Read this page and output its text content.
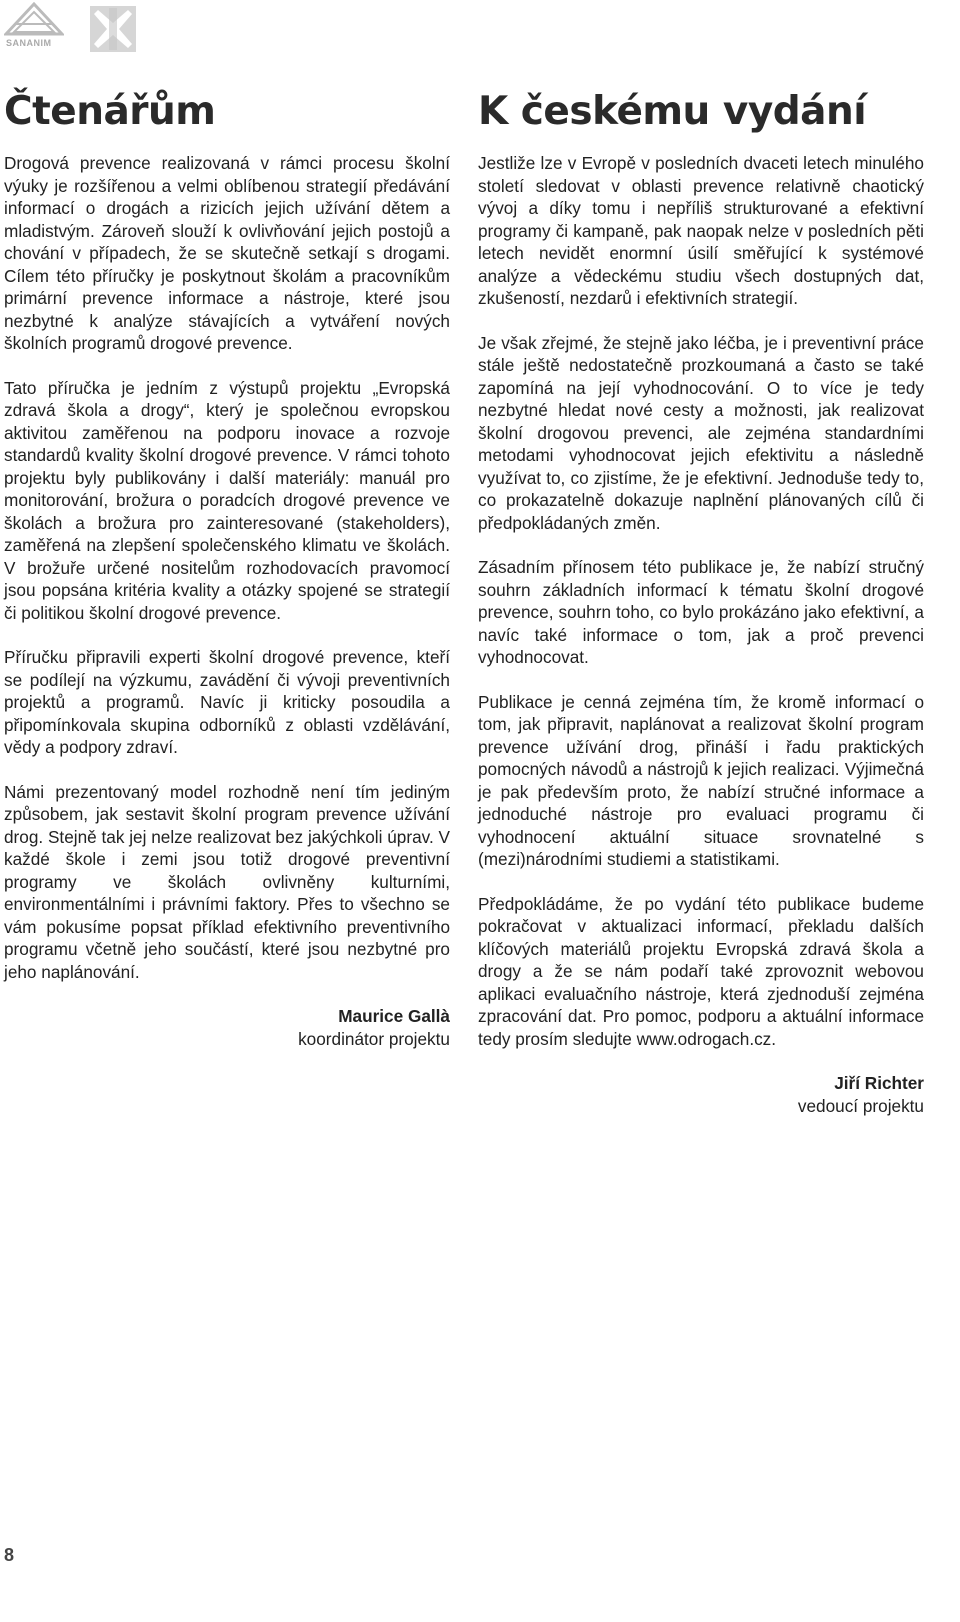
SANANIM
Čtenářům

Drogová prevence realizovaná v rámci procesu školní výuky je rozšířenou a velmi oblíbenou strategií předávání informací o drogách a rizicích jejich užívání dětem a mladistvým. Zároveň slouží k ovlivňování jejich postojů a chování v případech, že se skutečně setkají s drogami. Cílem této příručky je poskytnout školám a pracovníkům primární prevence informace a nástroje, které jsou nezbytné k analýze stávajících a vytváření nových školních programů drogové prevence.

Tato příručka je jedním z výstupů projektu „Evropská zdravá škola a drogy“, který je společnou evropskou aktivitou zaměřenou na podporu inovace a rozvoje standardů kvality školní drogové prevence. V rámci tohoto projektu byly publikovány i další materiály: manuál pro monitorování, brožura o poradcích drogové prevence ve školách a brožura pro zainteresované (stakeholders), zaměřená na zlepšení společenského klimatu ve školách. V brožuře určené nositelům rozhodovacích pravomocí jsou popsána kritéria kvality a otázky spojené se strategií či politikou školní drogové prevence.

Příručku připravili experti školní drogové prevence, kteří se podílejí na výzkumu, zavádění či vývoji preventivních projektů a programů. Navíc ji kriticky posoudila a připomínkovala skupina odborníků z oblasti vzdělávání, vědy a podpory zdraví.

Námi prezentovaný model rozhodně není tím jediným způsobem, jak sestavit školní program prevence užívání drog. Stejně tak jej nelze realizovat bez jakýchkoli úprav. V každé škole i zemi jsou totiž drogové preventivní programy ve školách ovlivněny kulturními, environmentálními i právními faktory. Přes to všechno se vám pokusíme popsat příklad efektivního preventivního programu včetně jeho součástí, které jsou nezbytné pro jeho naplánování.

Maurice Gallà
koordinátor projektu
K českému vydání

Jestliže lze v Evropě v posledních dvaceti letech minulého století sledovat v oblasti prevence relativně chaotický vývoj a díky tomu i nepříliš strukturované a efektivní programy či kampaně, pak naopak nelze v posledních pěti letech nevidět enormní úsilí směřující k systémové analýze a vědeckému studiu všech dostupných dat, zkušeností, nezdarů i efektivních strategií.

Je však zřejmé, že stejně jako léčba, je i preventivní práce stále ještě nedostatečně prozkoumaná a často se také zapomíná na její vyhodnocování. O to více je tedy nezbytné hledat nové cesty a možnosti, jak realizovat školní drogovou prevenci, ale zejména standardními metodami vyhodnocovat jejich efektivitu a následně využívat to, co zjistíme, že je efektivní. Jednoduše tedy to, co prokazatelně dokazuje naplnění plánovaných cílů či předpokládaných změn.

Zásadním přínosem této publikace je, že nabízí stručný souhrn základních informací k tématu školní drogové prevence, souhrn toho, co bylo prokázáno jako efektivní, a navíc také informace o tom, jak a proč prevenci vyhodnocovat.

Publikace je cenná zejména tím, že kromě informací o tom, jak připravit, naplánovat a realizovat školní program prevence užívání drog, přináší i řadu praktických pomocných návodů a nástrojů k jejich realizaci. Výjimečná je pak především proto, že nabízí stručné informace a jednoduché nástroje pro evaluaci programu či vyhodnocení aktuální situace srovnatelné s (mezi)národními studiemi a statistikami.

Předpokládáme, že po vydání této publikace budeme pokračovat v aktualizaci informací, překladu dalších klíčových materiálů projektu Evropská zdravá škola a drogy a že se nám podaří také zprovoznit webovou aplikaci evaluačního nástroje, která zjednoduší zejména zpracování dat. Pro pomoc, podporu a aktuální informace tedy prosím sledujte www.odrogach.cz.

Jiří Richter
vedoucí projektu
8
